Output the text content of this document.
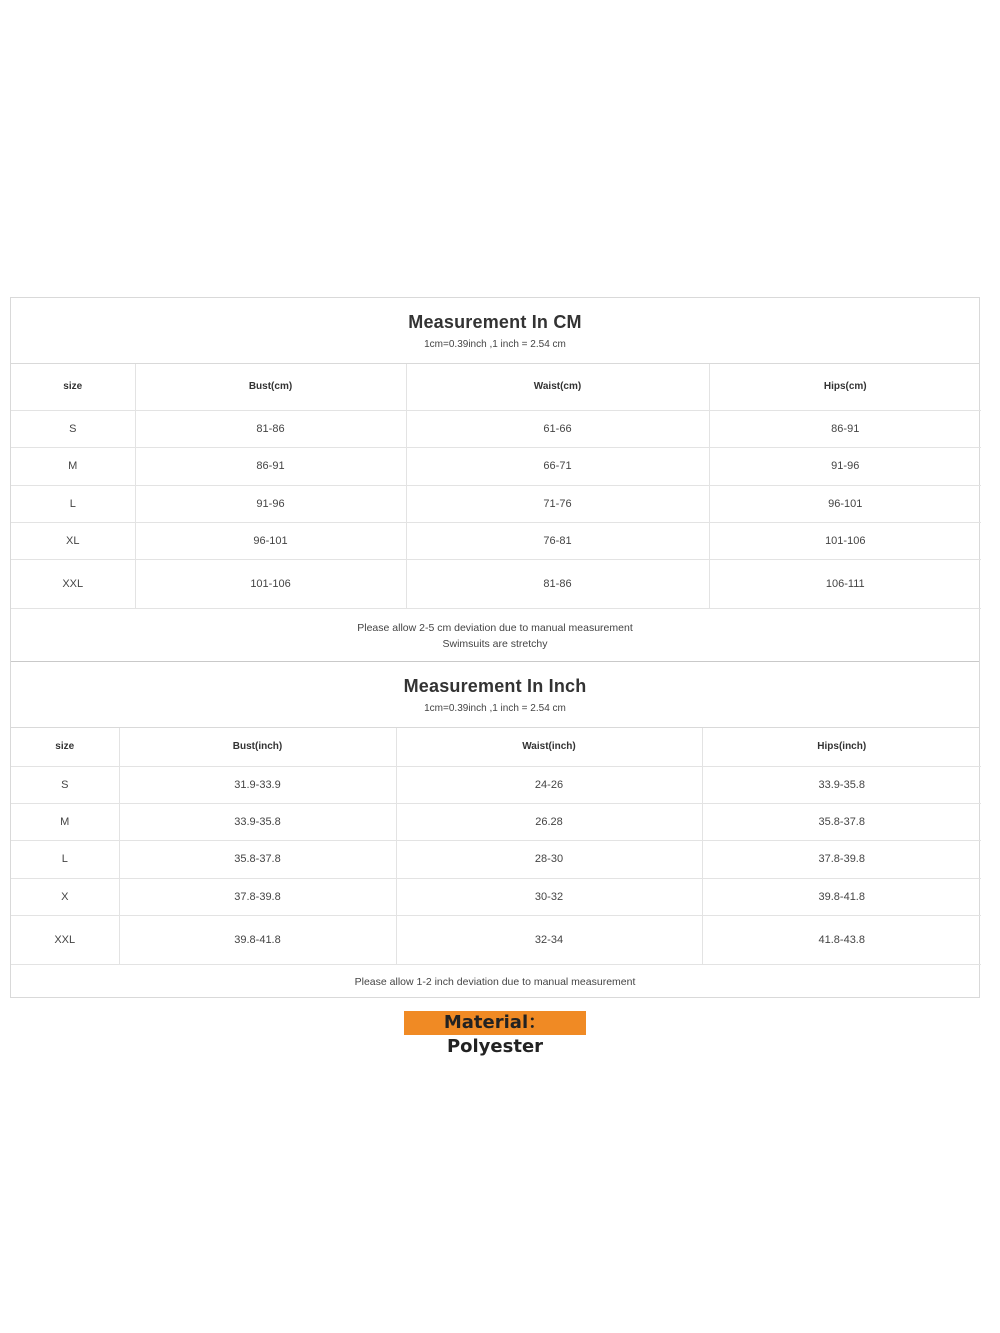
Measurement In CM
1cm=0.39inch ,1 inch = 2.54 cm
size	Bust(cm)	Waist(cm)	Hips(cm)
S	81-86	61-66	86-91
M	86-91	66-71	91-96
L	91-96	71-76	96-101
XL	96-101	76-81	101-106
XXL	101-106	81-86	106-111
Please allow 2-5 cm deviation due to manual measurement
Swimsuits are stretchy
Measurement In Inch
1cm=0.39inch ,1 inch = 2.54 cm
size	Bust(inch)	Waist(inch)	Hips(inch)
S	31.9-33.9	24-26	33.9-35.8
M	33.9-35.8	26.28	35.8-37.8
L	35.8-37.8	28-30	37.8-39.8
X	37.8-39.8	30-32	39.8-41.8
XXL	39.8-41.8	32-34	41.8-43.8
Please allow 1-2 inch deviation due to manual measurement
Material： Polyester
